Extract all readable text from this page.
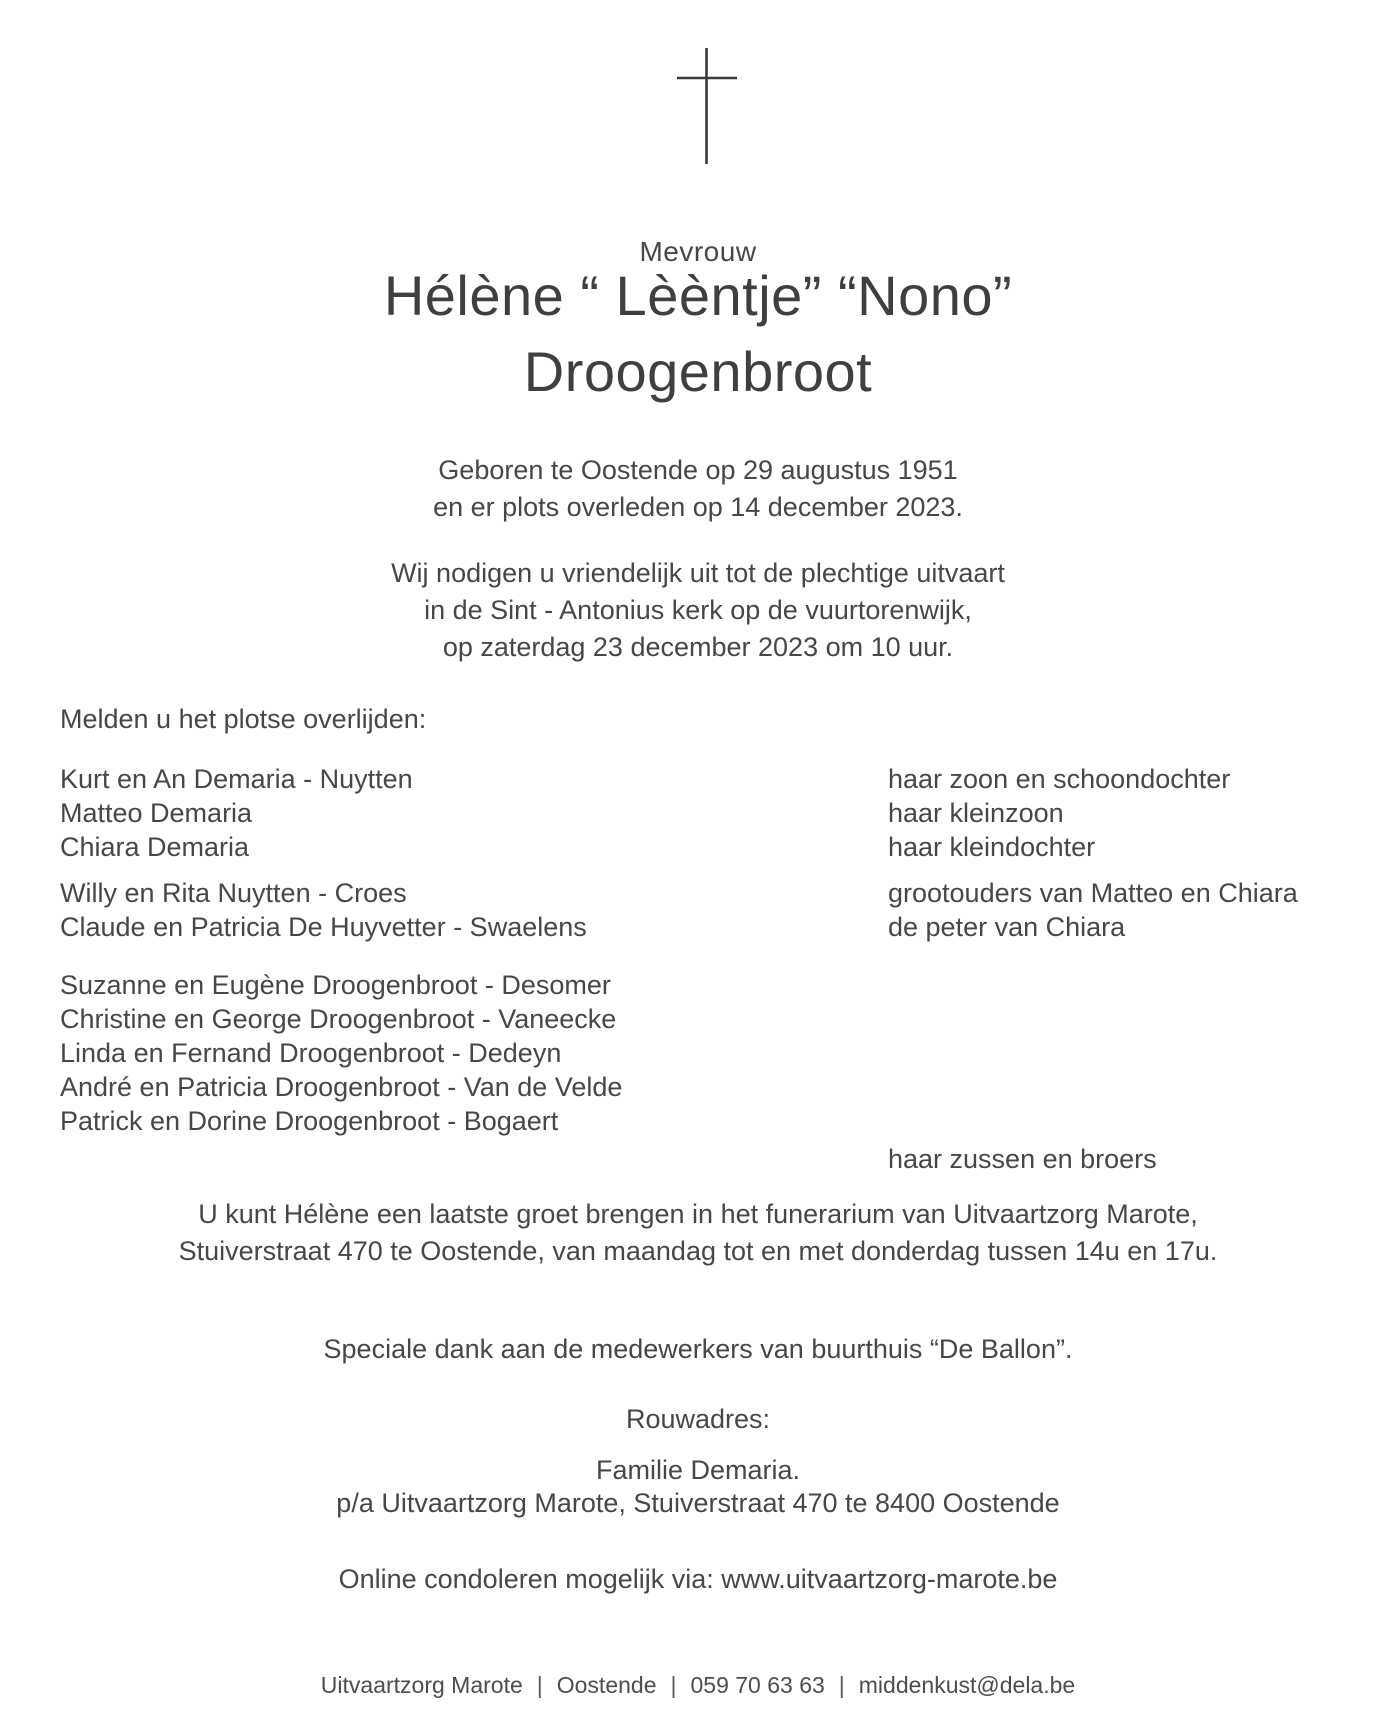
Mevrouw
Hélène “ Lèèntje” “Nono”
Droogenbroot
Geboren te Oostende op 29 augustus 1951
en er plots overleden op 14 december 2023.
Wij nodigen u vriendelijk uit tot de plechtige uitvaart
in de Sint - Antonius kerk op de vuurtorenwijk,
op zaterdag 23 december 2023 om 10 uur.
Melden u het plotse overlijden:
Kurt en An Demaria - Nuytten	haar zoon en schoondochter
Matteo Demaria	haar kleinzoon
Chiara Demaria	haar kleindochter
Willy en Rita Nuytten - Croes	grootouders van Matteo en Chiara
Claude en Patricia De Huyvetter - Swaelens	de peter van Chiara
Suzanne en Eugène Droogenbroot - Desomer
Christine en George Droogenbroot - Vaneecke
Linda en Fernand Droogenbroot - Dedeyn
André en Patricia Droogenbroot - Van de Velde
Patrick en Dorine Droogenbroot - Bogaert
haar zussen en broers
U kunt Hélène een laatste groet brengen in het funerarium van Uitvaartzorg Marote,
Stuiverstraat 470 te Oostende, van maandag tot en met donderdag tussen 14u en 17u.
Speciale dank aan de medewerkers van buurthuis “De Ballon”.
Rouwadres:
Familie Demaria.
p/a Uitvaartzorg Marote, Stuiverstraat 470 te 8400 Oostende
Online condoleren mogelijk via: www.uitvaartzorg-marote.be
Uitvaartzorg Marote | Oostende | 059 70 63 63 | middenkust@dela.be
